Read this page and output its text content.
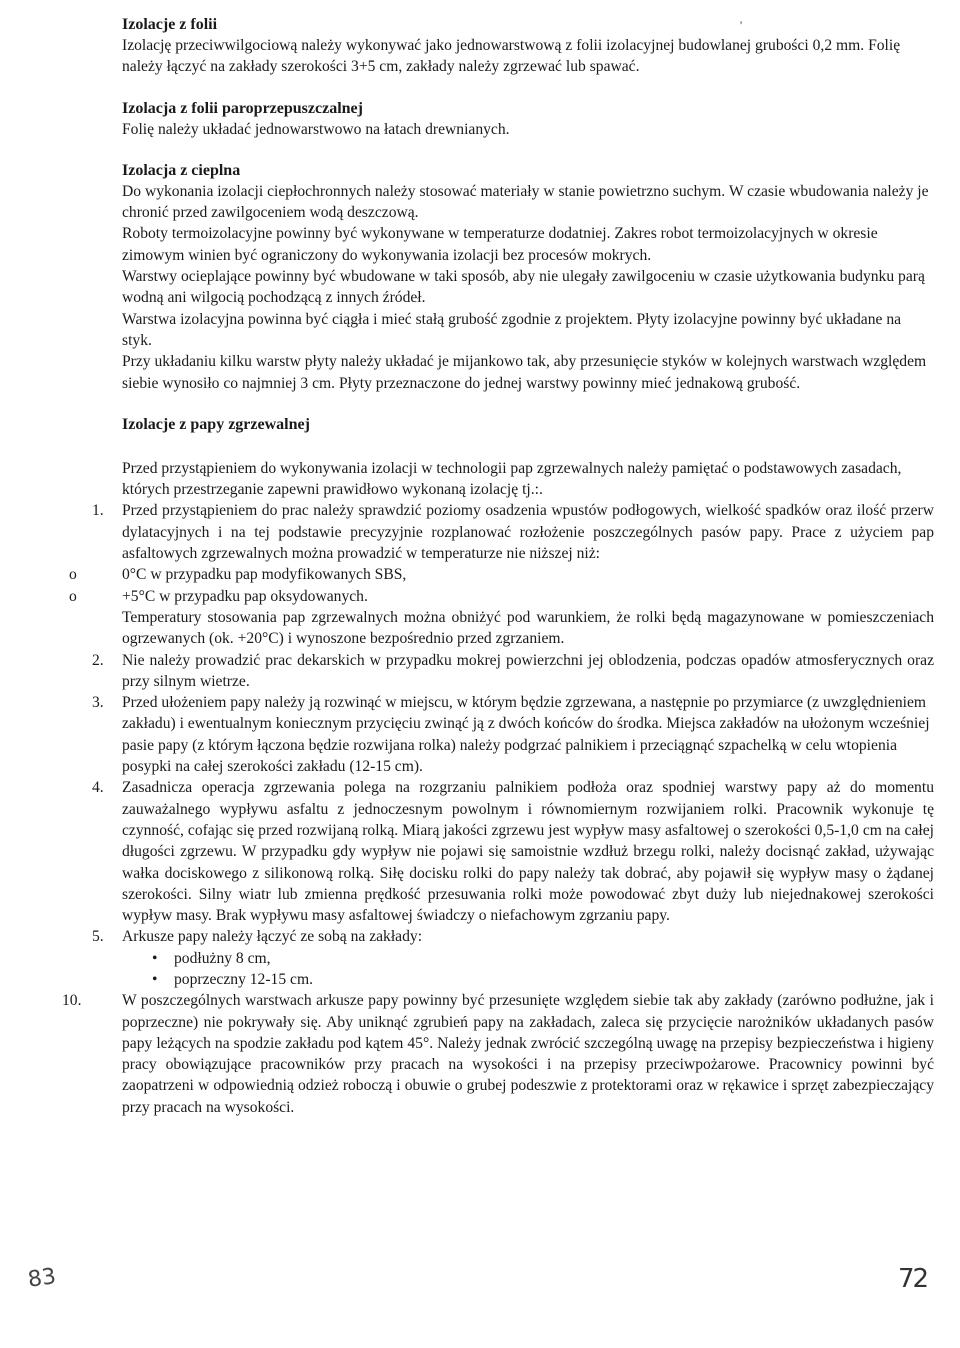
'
Izolacje z folii

Izolację przeciwwilgociową należy wykonywać jako jednowarstwową z folii izolacyjnej budowlanej grubości 0,2 mm. Folię należy łączyć na zakłady szerokości 3+5 cm, zakłady należy zgrzewać lub spawać.

Izolacja z folii paroprzepuszczalnej

Folię należy układać jednowarstwowo na łatach drewnianych.

Izolacja z cieplna

Do wykonania izolacji ciepłochronnych należy stosować materiały w stanie powietrzno suchym. W czasie wbudowania należy je chronić przed zawilgoceniem wodą deszczową.

Roboty termoizolacyjne powinny być wykonywane w temperaturze dodatniej. Zakres robot termoizolacyjnych w okresie zimowym winien być ograniczony do wykonywania izolacji bez procesów mokrych.

Warstwy ocieplające powinny być wbudowane w taki sposób, aby nie ulegały zawilgoceniu w czasie użytkowania budynku parą wodną ani wilgocią pochodzącą z innych źródeł.

Warstwa izolacyjna powinna być ciągła i mieć stałą grubość zgodnie z projektem. Płyty izolacyjne powinny być układane na styk.

Przy układaniu kilku warstw płyty należy układać je mijankowo tak, aby przesunięcie styków w kolejnych warstwach względem siebie wynosiło co najmniej 3 cm. Płyty przeznaczone do jednej warstwy powinny mieć jednakową grubość.

Izolacje z papy zgrzewalnej

Przed przystąpieniem do wykonywania izolacji w technologii pap zgrzewalnych należy pamiętać o podstawowych zasadach, których przestrzeganie zapewni prawidłowo wykonaną izolację tj.:.

1. Przed przystąpieniem do prac należy sprawdzić poziomy osadzenia wpustów podłogowych, wielkość spadków oraz ilość przerw dylatacyjnych i na tej podstawie precyzyjnie rozplanować rozłożenie poszczególnych pasów papy. Prace z użyciem pap asfaltowych zgrzewalnych można prowadzić w temperaturze nie niższej niż:

o	0°C w przypadku pap modyfikowanych SBS,

o	+5°C w przypadku pap oksydowanych.

Temperatury stosowania pap zgrzewalnych można obniżyć pod warunkiem, że rolki będą magazynowane w pomieszczeniach ogrzewanych (ok. +20°C) i wynoszone bezpośrednio przed zgrzaniem.

2. Nie należy prowadzić prac dekarskich w przypadku mokrej powierzchni jej oblodzenia, podczas opadów atmosferycznych oraz przy silnym wietrze.

3. Przed ułożeniem papy należy ją rozwinąć w miejscu, w którym będzie zgrzewana, a następnie po przymiarce (z uwzględnieniem zakładu) i ewentualnym koniecznym przycięciu zwinąć ją z dwóch końców do środka. Miejsca zakładów na ułożonym wcześniej pasie papy (z którym łączona będzie rozwijana rolka) należy podgrzać palnikiem i przeciągnąć szpachelką w celu wtopienia posypki na całej szerokości zakładu (12-15 cm).

4. Zasadnicza operacja zgrzewania polega na rozgrzaniu palnikiem podłoża oraz spodniej warstwy papy aż do momentu zauważalnego wypływu asfaltu z jednoczesnym powolnym i równomiernym rozwijaniem rolki. Pracownik wykonuje tę czynność, cofając się przed rozwijaną rolką. Miarą jakości zgrzewu jest wypływ masy asfaltowej o szerokości 0,5-1,0 cm na całej długości zgrzewu. W przypadku gdy wypływ nie pojawi się samoistnie wzdłuż brzegu rolki, należy docisnąć zakład, używając wałka dociskowego z silikonową rolką. Siłę docisku rolki do papy należy tak dobrać, aby pojawił się wypływ masy o żądanej szerokości. Silny wiatr lub zmienna prędkość przesuwania rolki może powodować zbyt duży lub niejednakowej szerokości wypływ masy. Brak wypływu masy asfaltowej świadczy o niefachowym zgrzaniu papy.

5. Arkusze papy należy łączyć ze sobą na zakłady:

• podłużny 8 cm,
• poprzeczny 12-15 cm.
10.	W poszczególnych warstwach arkusze papy powinny być przesunięte względem siebie tak aby zakłady (zarówno podłużne, jak i poprzeczne) nie pokrywały się. Aby uniknąć zgrubień papy na zakładach, zaleca się przycięcie narożników układanych pasów papy leżących na spodzie zakładu pod kątem 45°. Należy jednak zwrócić szczególną uwagę na przepisy bezpieczeństwa i higieny pracy obowiązujące pracowników przy pracach na wysokości i na przepisy przeciwpożarowe. Pracownicy powinni być zaopatrzeni w odpowiednią odzież roboczą i obuwie o grubej podeszwie z protektorami oraz w rękawice i sprzęt zabezpieczający przy pracach na wysokości.

83	72
